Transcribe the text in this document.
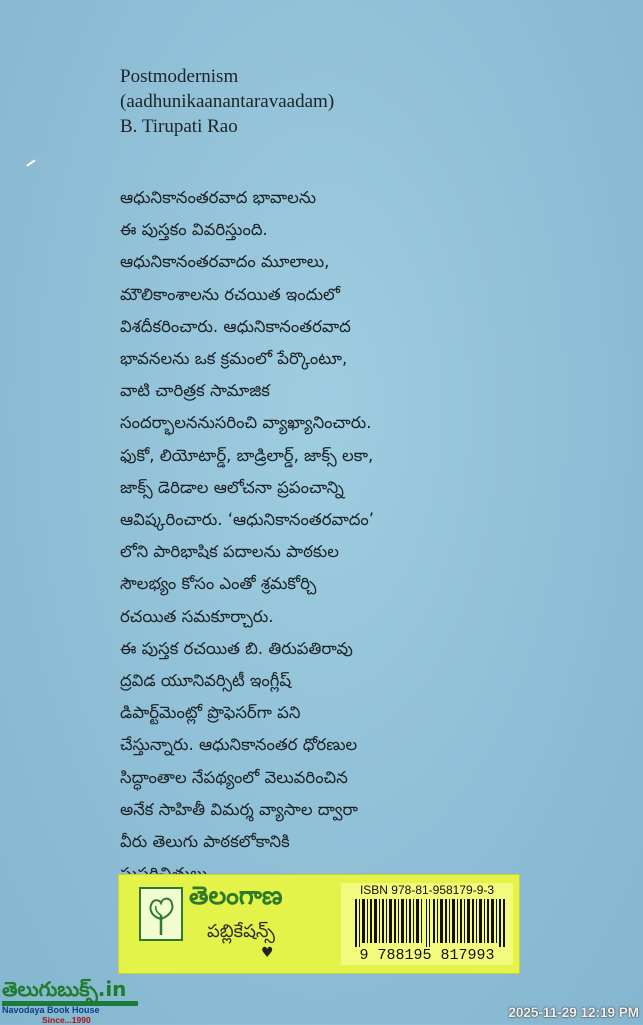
Postmodernism
(aadhunikaanantaravaadam)
B. Tirupati Rao
ఆధునికానంతరవాద భావాలను
ఈ పుస్తకం వివరిస్తుంది.
ఆధునికానంతరవాదం మూలాలు,
మౌలికాంశాలను రచయిత ఇందులో
విశదీకరించారు. ఆధునికానంతరవాద
భావనలను ఒక క్రమంలో పేర్కొంటూ,
వాటి చారిత్రక సామాజిక
సందర్భాలననుసరించి వ్యాఖ్యానించారు.
ఫుకో, లియోటార్డ్, బాడ్రిలార్డ్, జాక్స్ లకా,
జాక్స్ డెరిడాల ఆలోచనా ప్రపంచాన్ని
ఆవిష్కరించారు. ‘ఆధునికానంతరవాదం’
లోని పారిభాషిక పదాలను పాఠకుల
సౌలభ్యం కోసం ఎంతో శ్రమకోర్చి
రచయిత సమకూర్చారు.
ఈ పుస్తక రచయిత బి. తిరుపతిరావు
ద్రవిడ యూనివర్సిటీ ఇంగ్లీష్
డిపార్ట్‌మెంట్లో ప్రొఫెసర్‌గా పని
చేస్తున్నారు. ఆధునికానంతర ధోరణుల
సిద్ధాంతాల నేపథ్యంలో వెలువరించిన
అనేక సాహితీ విమర్శ వ్యాసాల ద్వారా
వీరు తెలుగు పాఠకలోకానికి
తెలంగాణ
పబ్లికేషన్స్
♥
ISBN 978-81-958179-9-3
9 788195 817993
తెలుగుబుక్స్.in
Navodaya Book House
Since...1990	2025-11-29 12:19 PM
